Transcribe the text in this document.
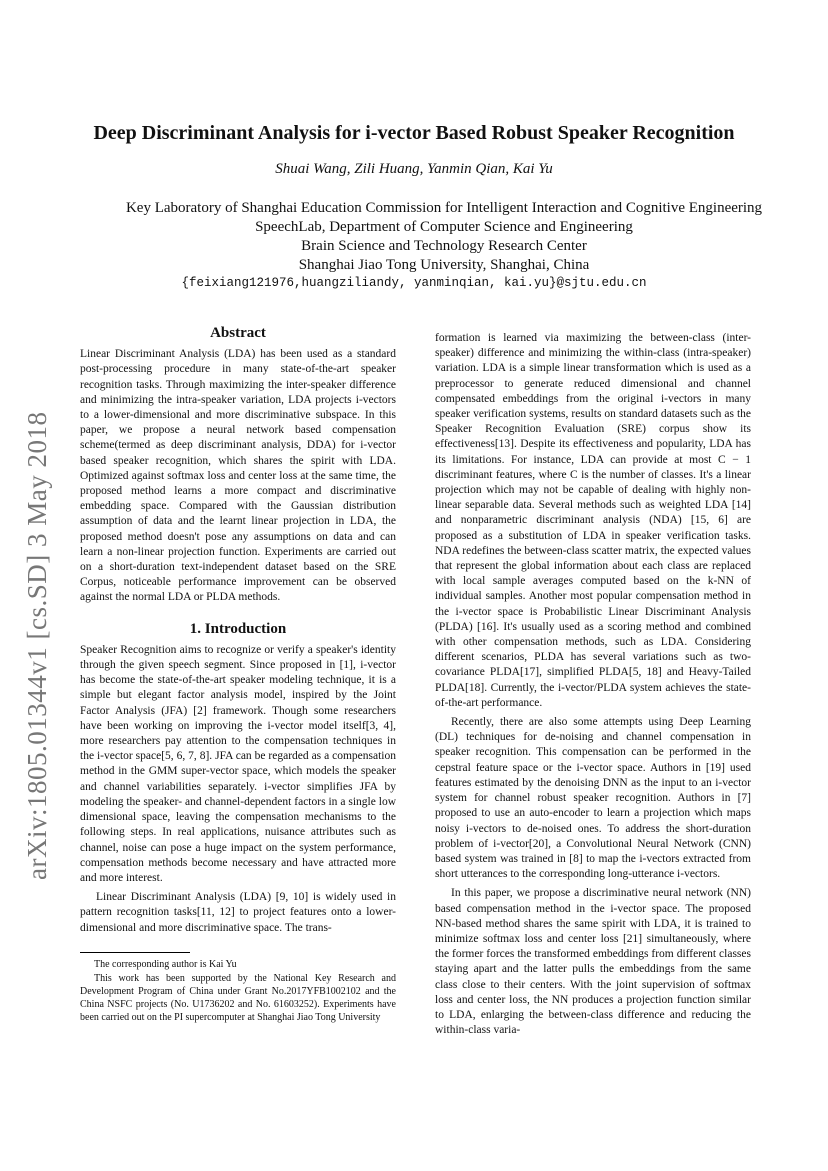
arXiv:1805.01344v1 [cs.SD] 3 May 2018
Deep Discriminant Analysis for i-vector Based Robust Speaker Recognition
Shuai Wang, Zili Huang, Yanmin Qian, Kai Yu
Key Laboratory of Shanghai Education Commission for Intelligent Interaction and Cognitive Engineering
SpeechLab, Department of Computer Science and Engineering
Brain Science and Technology Research Center
Shanghai Jiao Tong University, Shanghai, China
{feixiang121976,huangziliandy, yanminqian, kai.yu}@sjtu.edu.cn
Abstract

Linear Discriminant Analysis (LDA) has been used as a standard post-processing procedure in many state-of-the-art speaker recognition tasks. Through maximizing the inter-speaker difference and minimizing the intra-speaker variation, LDA projects i-vectors to a lower-dimensional and more discriminative subspace. In this paper, we propose a neural network based compensation scheme(termed as deep discriminant analysis, DDA) for i-vector based speaker recognition, which shares the spirit with LDA. Optimized against softmax loss and center loss at the same time, the proposed method learns a more compact and discriminative embedding space. Compared with the Gaussian distribution assumption of data and the learnt linear projection in LDA, the proposed method doesn't pose any assumptions on data and can learn a non-linear projection function. Experiments are carried out on a short-duration text-independent dataset based on the SRE Corpus, noticeable performance improvement can be observed against the normal LDA or PLDA methods.

1. Introduction

Speaker Recognition aims to recognize or verify a speaker's identity through the given speech segment. Since proposed in [1], i-vector has become the state-of-the-art speaker modeling technique, it is a simple but elegant factor analysis model, inspired by the Joint Factor Analysis (JFA) [2] framework. Though some researchers have been working on improving the i-vector model itself[3, 4], more researchers pay attention to the compensation techniques in the i-vector space[5, 6, 7, 8]. JFA can be regarded as a compensation method in the GMM super-vector space, which models the speaker and channel variabilities separately. i-vector simplifies JFA by modeling the speaker- and channel-dependent factors in a single low dimensional space, leaving the compensation mechanisms to the following steps. In real applications, nuisance attributes such as channel, noise can pose a huge impact on the system performance, compensation methods become necessary and have attracted more and more interest.

Linear Discriminant Analysis (LDA) [9, 10] is widely used in pattern recognition tasks[11, 12] to project features onto a lower-dimensional and more discriminative space. The trans-

The corresponding author is Kai Yu

This work has been supported by the National Key Research and Development Program of China under Grant No.2017YFB1002102 and the China NSFC projects (No. U1736202 and No. 61603252). Experiments have been carried out on the PI supercomputer at Shanghai Jiao Tong University

formation is learned via maximizing the between-class (inter-speaker) difference and minimizing the within-class (intra-speaker) variation. LDA is a simple linear transformation which is used as a preprocessor to generate reduced dimensional and channel compensated embeddings from the original i-vectors in many speaker verification systems, results on standard datasets such as the Speaker Recognition Evaluation (SRE) corpus show its effectiveness[13]. Despite its effectiveness and popularity, LDA has its limitations. For instance, LDA can provide at most C − 1 discriminant features, where C is the number of classes. It's a linear projection which may not be capable of dealing with highly non-linear separable data. Several methods such as weighted LDA [14] and nonparametric discriminant analysis (NDA) [15, 6] are proposed as a substitution of LDA in speaker verification tasks. NDA redefines the between-class scatter matrix, the expected values that represent the global information about each class are replaced with local sample averages computed based on the k-NN of individual samples. Another most popular compensation method in the i-vector space is Probabilistic Linear Discriminant Analysis (PLDA) [16]. It's usually used as a scoring method and combined with other compensation methods, such as LDA. Considering different scenarios, PLDA has several variations such as two-covariance PLDA[17], simplified PLDA[5, 18] and Heavy-Tailed PLDA[18]. Currently, the i-vector/PLDA system achieves the state-of-the-art performance.

Recently, there are also some attempts using Deep Learning (DL) techniques for de-noising and channel compensation in speaker recognition. This compensation can be performed in the cepstral feature space or the i-vector space. Authors in [19] used features estimated by the denoising DNN as the input to an i-vector system for channel robust speaker recognition. Authors in [7] proposed to use an auto-encoder to learn a projection which maps noisy i-vectors to de-noised ones. To address the short-duration problem of i-vector[20], a Convolutional Neural Network (CNN) based system was trained in [8] to map the i-vectors extracted from short utterances to the corresponding long-utterance i-vectors.

In this paper, we propose a discriminative neural network (NN) based compensation method in the i-vector space. The proposed NN-based method shares the same spirit with LDA, it is trained to minimize softmax loss and center loss [21] simultaneously, where the former forces the transformed embeddings from different classes staying apart and the latter pulls the embeddings from the same class close to their centers. With the joint supervision of softmax loss and center loss, the NN produces a projection function similar to LDA, enlarging the between-class difference and reducing the within-class varia-
